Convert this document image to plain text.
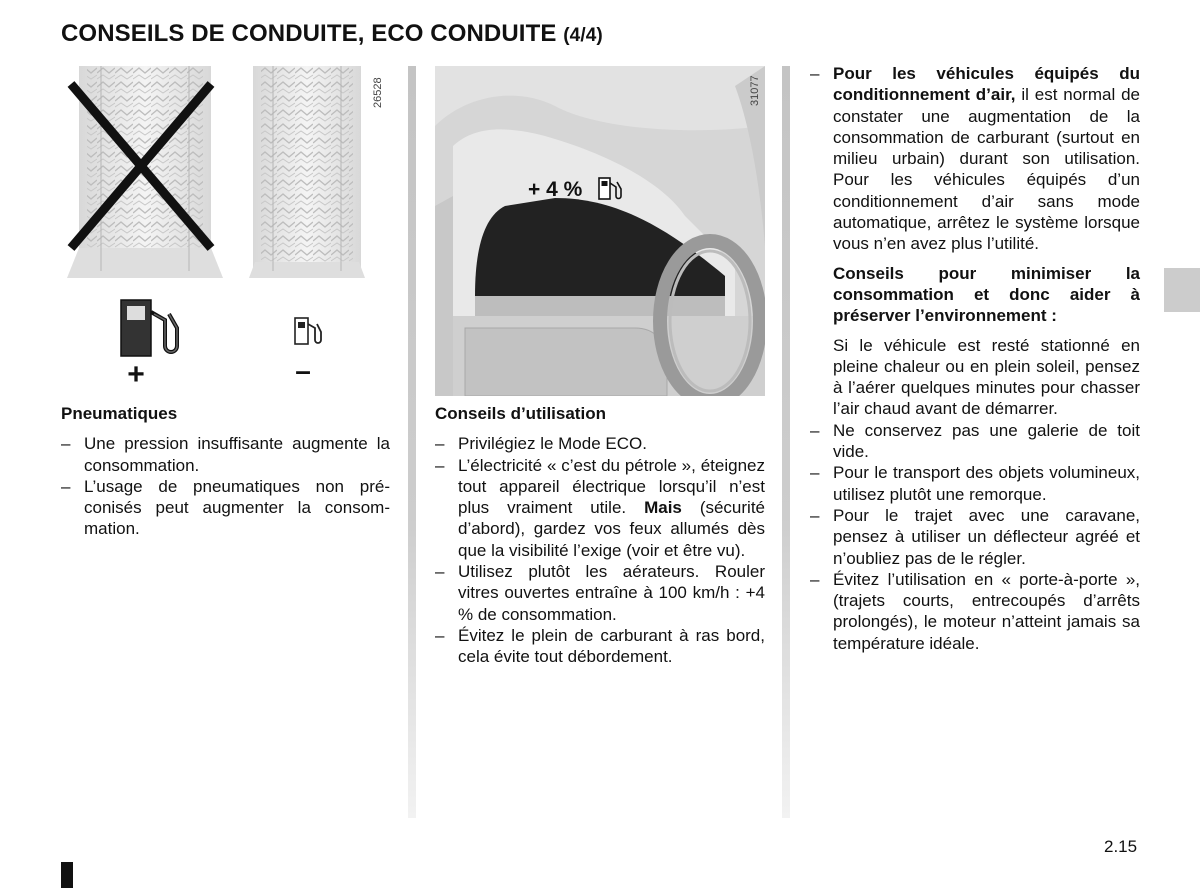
CONSEILS DE CONDUITE, ECO CONDUITE (4/4)
26528
+	–
+ 4 %
31077
Pneumatiques
– Une pression insuffisante augmente la consommation.
– L’usage de pneumatiques non préconisés peut augmenter la consommation.
Conseils d’utilisation
– Privilégiez le Mode ECO.
– L’électricité « c’est du pétrole », éteignez tout appareil électrique lorsqu’il n’est plus vraiment utile. Mais (sécurité d’abord), gardez vos feux allumés dès que la visibilité l’exige (voir et être vu).
– Utilisez plutôt les aérateurs. Rouler vitres ouvertes entraîne à 100 km/h : +4 % de consommation.
– Évitez le plein de carburant à ras bord, cela évite tout débordement.
– Pour les véhicules équipés du conditionnement d’air, il est normal de constater une augmentation de la consommation de carburant (surtout en milieu urbain) durant son utilisation. Pour les véhicules équipés d’un conditionnement d’air sans mode automatique, arrêtez le système lorsque vous n’en avez plus l’utilité.

Conseils pour minimiser la consommation et donc aider à préserver l’environnement :

Si le véhicule est resté stationné en pleine chaleur ou en plein soleil, pensez à l’aérer quelques minutes pour chasser l’air chaud avant de démarrer.

– Ne conservez pas une galerie de toit vide.
– Pour le transport des objets volumineux, utilisez plutôt une remorque.
– Pour le trajet avec une caravane, pensez à utiliser un déflecteur agréé et n’oubliez pas de le régler.
– Évitez l’utilisation en « porte-à-porte », (trajets courts, entrecoupés d’arrêts prolongés), le moteur n’atteint jamais sa température idéale.
2.15
